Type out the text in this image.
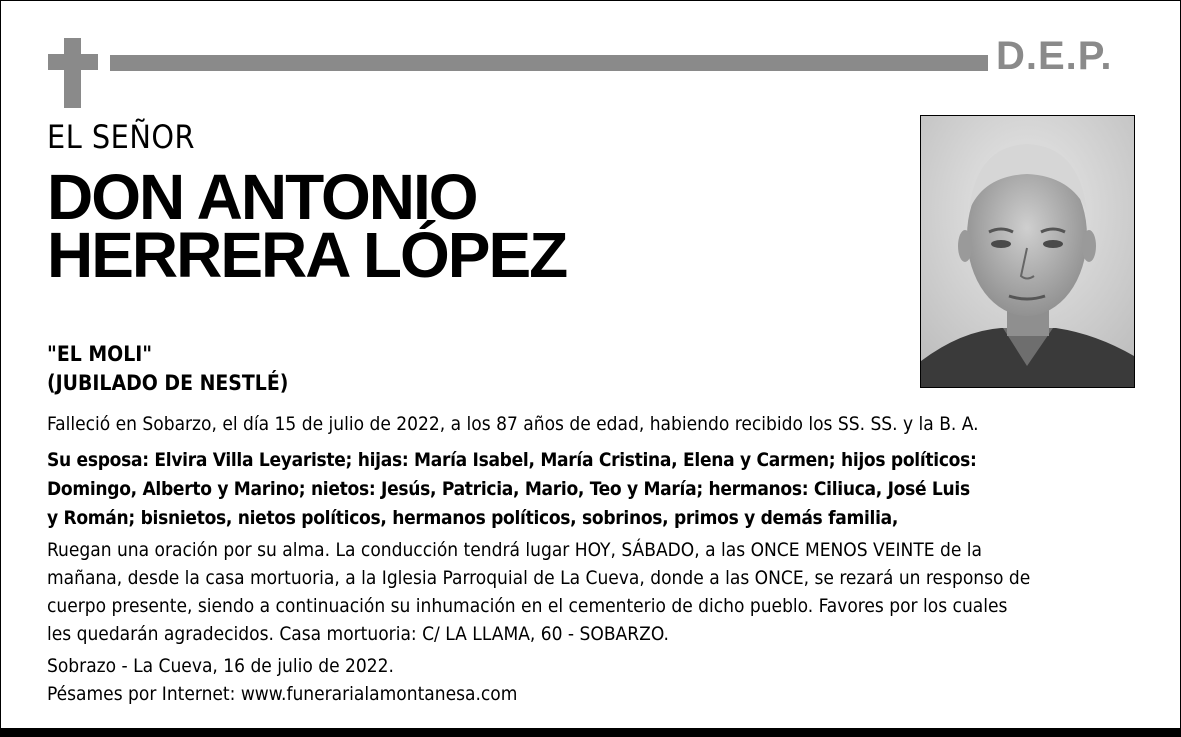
D.E.P.
EL SEÑOR
DON ANTONIO
HERRERA LÓPEZ
"EL MOLI"
(JUBILADO DE NESTLÉ)
Falleció en Sobarzo, el día 15 de julio de 2022, a los 87 años de edad, habiendo recibido los SS. SS. y la B. A.
Su esposa: Elvira Villa Leyariste; hijas: María Isabel, María Cristina, Elena y Carmen; hijos políticos:
Domingo, Alberto y Marino; nietos: Jesús, Patricia, Mario, Teo y María; hermanos: Ciliuca, José Luis
y Román; bisnietos, nietos políticos, hermanos políticos, sobrinos, primos y demás familia,
Ruegan una oración por su alma. La conducción tendrá lugar HOY, SÁBADO, a las ONCE MENOS VEINTE de la
mañana, desde la casa mortuoria, a la Iglesia Parroquial de La Cueva, donde a las ONCE, se rezará un responso de
cuerpo presente, siendo a continuación su inhumación en el cementerio de dicho pueblo. Favores por los cuales
les quedarán agradecidos. Casa mortuoria: C/ LA LLAMA, 60 - SOBARZO.
Sobrazo - La Cueva, 16 de julio de 2022.
Pésames por Internet: www.funerarialamontanesa.com
